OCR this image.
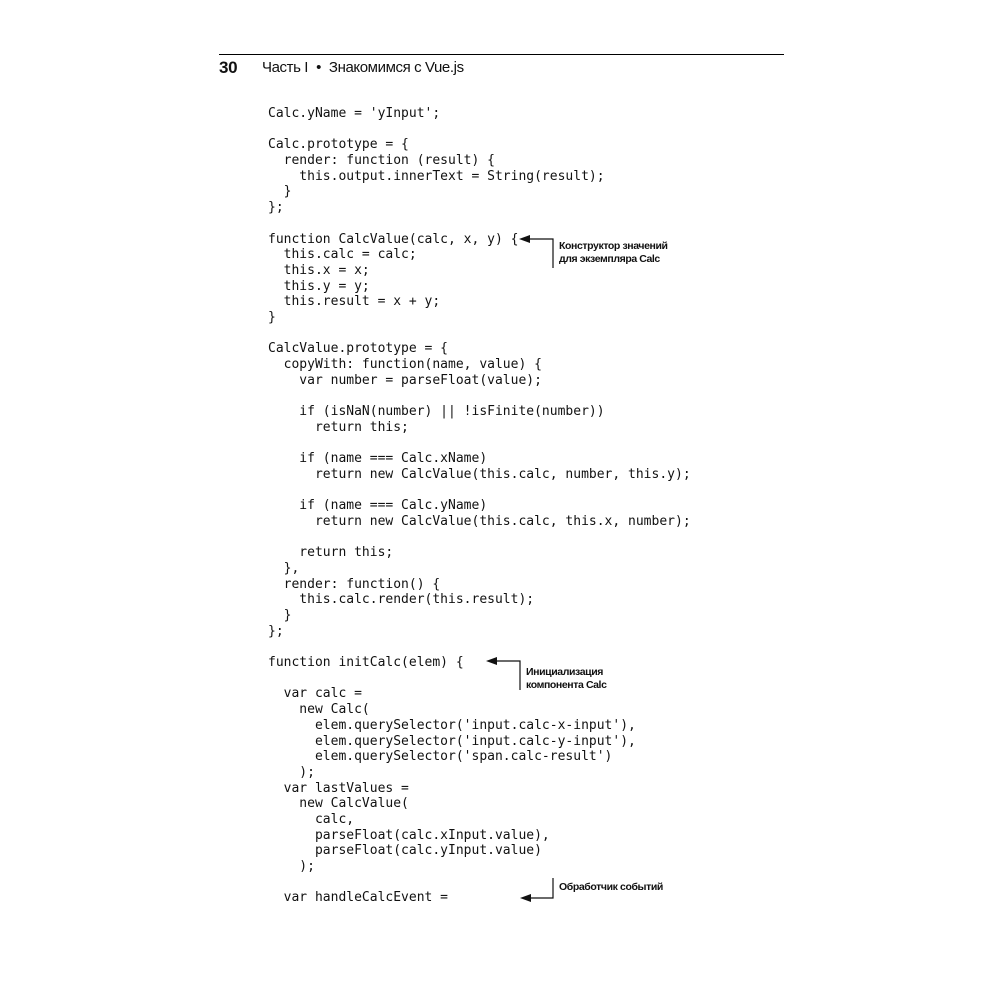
30 Часть I • Знакомимся с Vue.js
Calc.yName = 'yInput';
Calc.prototype = {
render: function (result) {
this.output.innerText = String(result);
}
};
function CalcValue(calc, x, y) {
this.calc = calc;
this.x = x;
this.y = y;
this.result = x + y;
}
CalcValue.prototype = {
copyWith: function(name, value) {
var number = parseFloat(value);
if (isNaN(number) || !isFinite(number))
return this;
if (name === Calc.xName)
return new CalcValue(this.calc, number, this.y);
if (name === Calc.yName)
return new CalcValue(this.calc, this.x, number);
return this;
},
render: function() {
this.calc.render(this.result);
}
};
function initCalc(elem) {
var calc =
new Calc(
elem.querySelector('input.calc-x-input'),
elem.querySelector('input.calc-y-input'),
elem.querySelector('span.calc-result')
);
var lastValues =
new CalcValue(
calc,
parseFloat(calc.xInput.value),
parseFloat(calc.yInput.value)
);
var handleCalcEvent =
Конструктор значений
для экземпляра Calc
Инициализация
компонента Calc
Обработчик событий
